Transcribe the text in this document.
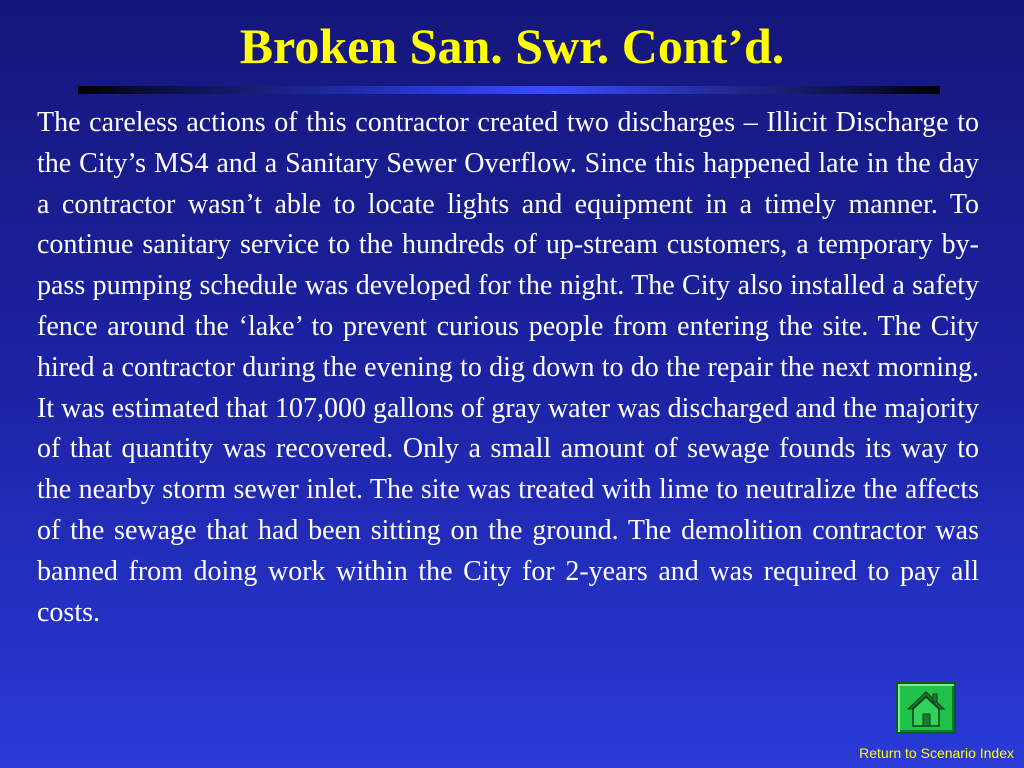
Broken San. Swr. Cont’d.

The careless actions of this contractor created two discharges – Illicit Discharge to the City’s MS4 and a Sanitary Sewer Overflow. Since this happened late in the day a contractor wasn’t able to locate lights and equipment in a timely manner. To continue sanitary service to the hundreds of up-stream customers, a temporary by-pass pumping schedule was developed for the night. The City also installed a safety fence around the ‘lake’ to prevent curious people from entering the site. The City hired a contractor during the evening to dig down to do the repair the next morning. It was estimated that 107,000 gallons of gray water was discharged and the majority of that quantity was recovered. Only a small amount of sewage founds its way to the nearby storm sewer inlet. The site was treated with lime to neutralize the affects of the sewage that had been sitting on the ground. The demolition contractor was banned from doing work within the City for 2-years and was required to pay all costs.

Return to Scenario Index
